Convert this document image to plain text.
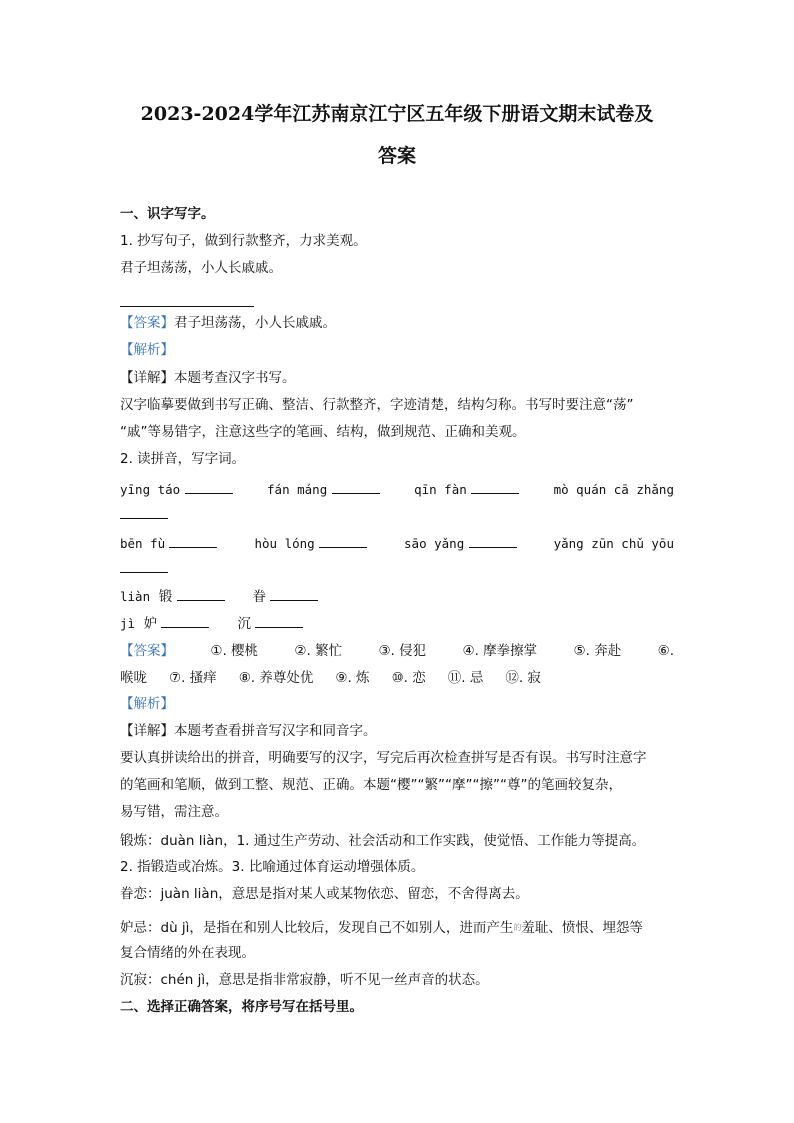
2023-2024学年江苏南京江宁区五年级下册语文期末试卷及
答案
一、识字写字。
1. 抄写句子，做到行款整齐，力求美观。
君子坦荡荡，小人长戚戚。
【答案】君子坦荡荡，小人长戚戚。
【解析】
【详解】本题考查汉字书写。
汉字临摹要做到书写正确、整洁、行款整齐，字迹清楚，结构匀称。书写时要注意“荡”
“戚”等易错字，注意这些字的笔画、结构，做到规范、正确和美观。
2. 读拼音，写字词。
yīng táo	fán máng	qīn fàn	mò quán cā zhǎng
bēn fù	hòu lóng	sāo yǎng	yǎng zūn chǔ yōu
liàn 锻	眷
jì 妒	沉
【答案】	①. 樱桃	②. 繁忙	③. 侵犯	④. 摩拳擦掌	⑤. 奔赴	⑥.
喉咙 ⑦. 搔痒 ⑧. 养尊处优 ⑨. 炼 ⑩. 恋 ⑪. 忌 ⑫. 寂
【解析】
【详解】本题考查看拼音写汉字和同音字。
要认真拼读给出的拼音，明确要写的汉字，写完后再次检查拼写是否有误。书写时注意字
的笔画和笔顺，做到工整、规范、正确。本题“樱”“繁”“摩”“擦”“尊”的笔画较复杂，
易写错，需注意。
锻炼：duàn liàn，1. 通过生产劳动、社会活动和工作实践，使觉悟、工作能力等提高。
2. 指锻造或冶炼。3. 比喻通过体育运动增强体质。
眷恋：juàn liàn，意思是指对某人或某物依恋、留恋，不舍得离去。
妒忌：dù jì，是指在和别人比较后，发现自己不如别人，进而产生$^的$羞耻、愤恨、埋怨等
复合情绪的外在表现。
沉寂：chén jì，意思是指非常寂静，听不见一丝声音的状态。
二、选择正确答案，将序号写在括号里。
